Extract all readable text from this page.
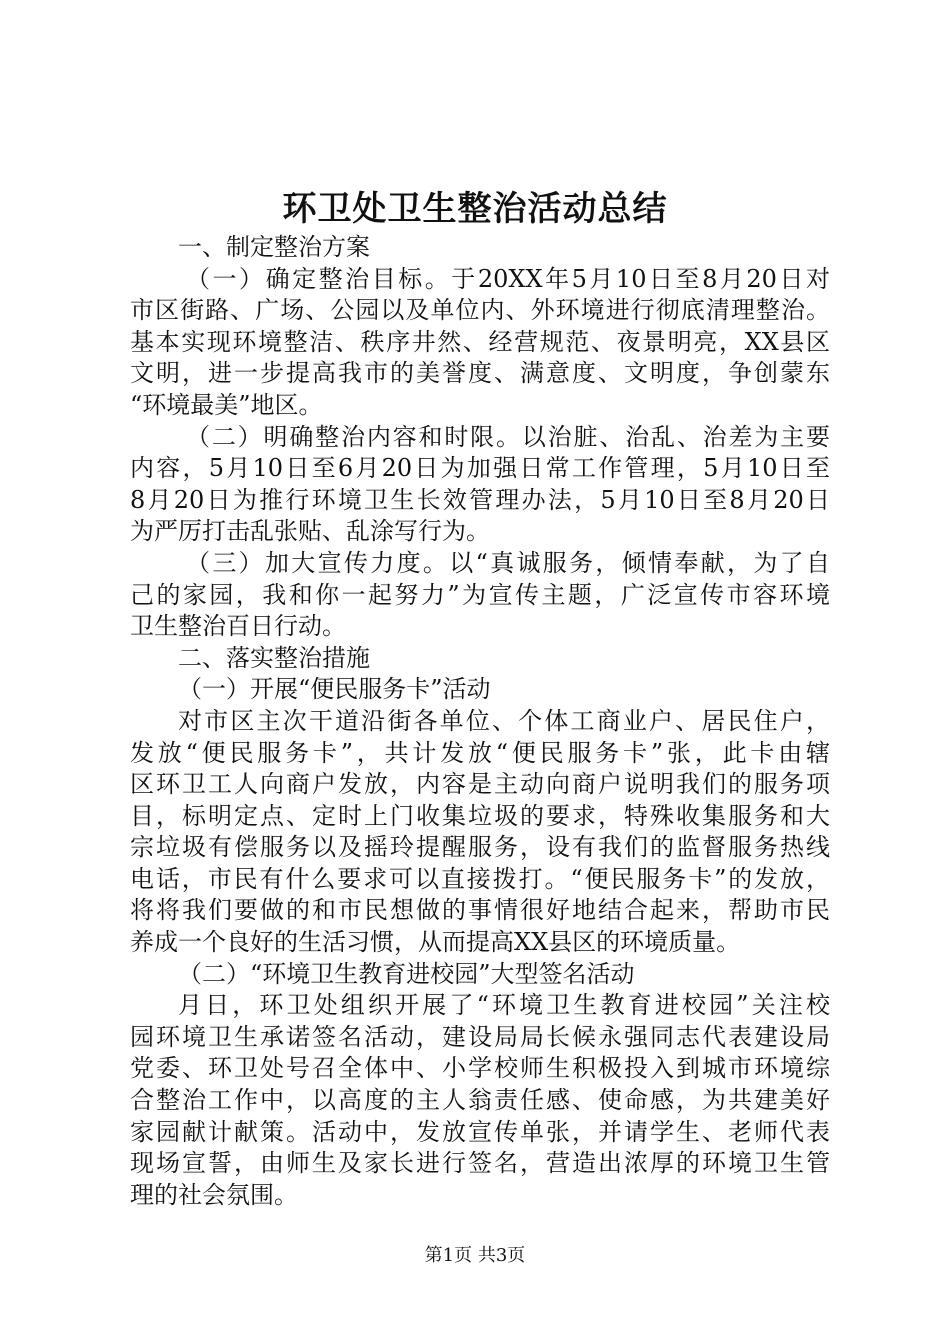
环卫处卫生整治活动总结
一、制定整治方案
（一）确定整治目标。于20XX年5月10日至8月20日对
市区街路、广场、公园以及单位内、外环境进行彻底清理整治。
基本实现环境整洁、秩序井然、经营规范、夜景明亮，XX县区
文明，进一步提高我市的美誉度、满意度、文明度，争创蒙东
“环境最美”地区。
（二）明确整治内容和时限。以治脏、治乱、治差为主要
内容，5月10日至6月20日为加强日常工作管理，5月10日至
8月20日为推行环境卫生长效管理办法，5月10日至8月20日
为严厉打击乱张贴、乱涂写行为。
（三）加大宣传力度。以“真诚服务，倾情奉献，为了自
己的家园，我和你一起努力”为宣传主题，广泛宣传市容环境
卫生整治百日行动。
二、落实整治措施
（一）开展“便民服务卡”活动
对市区主次干道沿街各单位、个体工商业户、居民住户，
发放“便民服务卡”，共计发放“便民服务卡”张，此卡由辖
区环卫工人向商户发放，内容是主动向商户说明我们的服务项
目，标明定点、定时上门收集垃圾的要求，特殊收集服务和大
宗垃圾有偿服务以及摇玲提醒服务，设有我们的监督服务热线
电话，市民有什么要求可以直接拨打。“便民服务卡”的发放，
将将我们要做的和市民想做的事情很好地结合起来，帮助市民
养成一个良好的生活习惯，从而提高XX县区的环境质量。
（二）“环境卫生教育进校园”大型签名活动
月日，环卫处组织开展了“环境卫生教育进校园”关注校
园环境卫生承诺签名活动，建设局局长候永强同志代表建设局
党委、环卫处号召全体中、小学校师生积极投入到城市环境综
合整治工作中，以高度的主人翁责任感、使命感，为共建美好
家园献计献策。活动中，发放宣传单张，并请学生、老师代表
现场宣誓，由师生及家长进行签名，营造出浓厚的环境卫生管
理的社会氛围。
第1页 共3页
